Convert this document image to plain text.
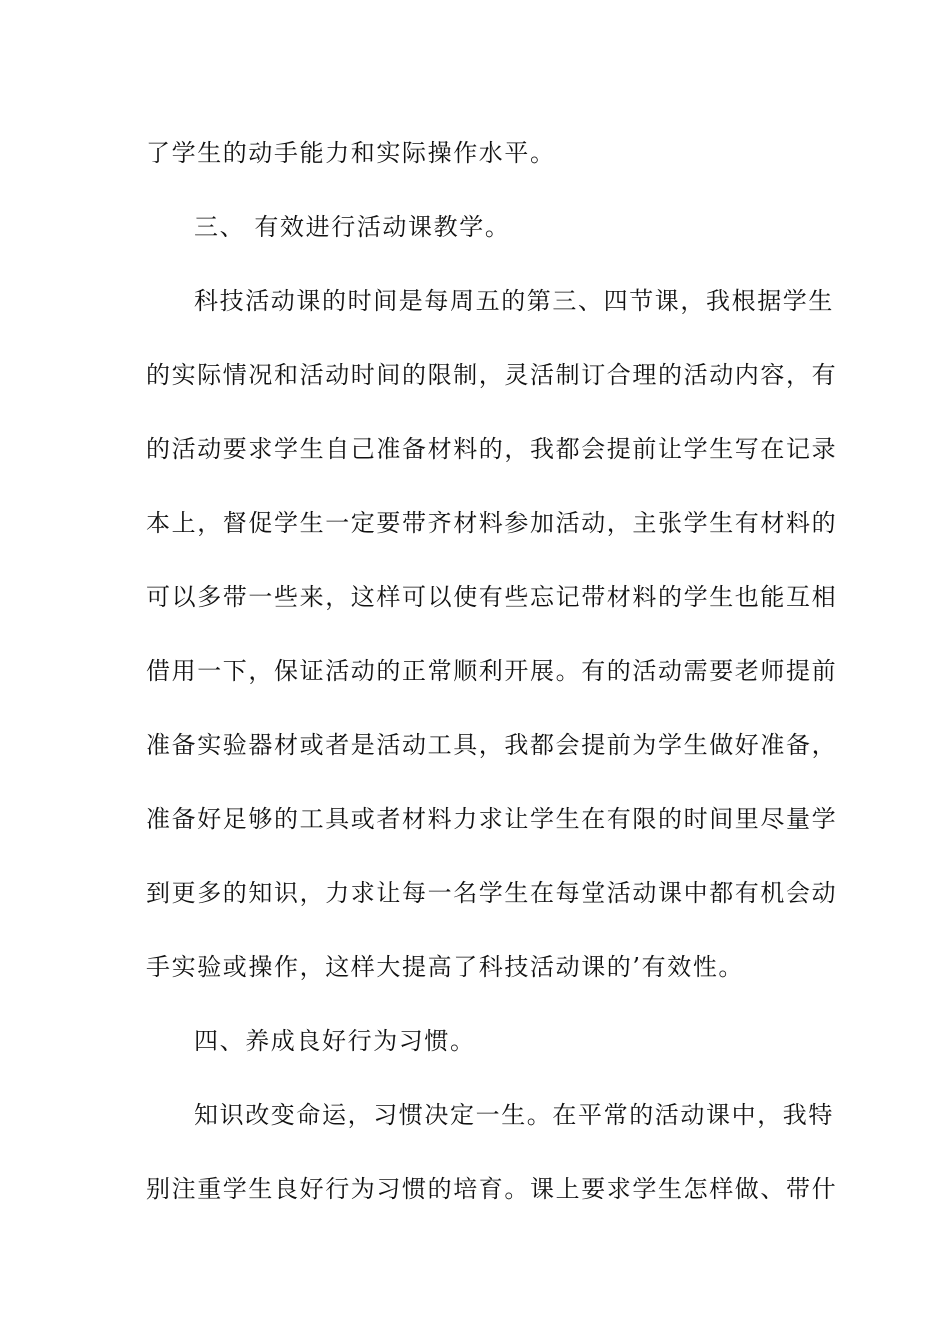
了学生的动手能力和实际操作水平。
三、 有效进行活动课教学。
科技活动课的时间是每周五的第三、四节课，我根据学生
的实际情况和活动时间的限制，灵活制订合理的活动内容，有
的活动要求学生自己准备材料的，我都会提前让学生写在记录
本上，督促学生一定要带齐材料参加活动，主张学生有材料的
可以多带一些来，这样可以使有些忘记带材料的学生也能互相
借用一下，保证活动的正常顺利开展。有的活动需要老师提前
准备实验器材或者是活动工具，我都会提前为学生做好准备，
准备好足够的工具或者材料力求让学生在有限的时间里尽量学
到更多的知识，力求让每一名学生在每堂活动课中都有机会动
手实验或操作，这样大提高了科技活动课的’有效性。
四、养成良好行为习惯。
知识改变命运，习惯决定一生。在平常的活动课中，我特
别注重学生良好行为习惯的培育。课上要求学生怎样做、带什
